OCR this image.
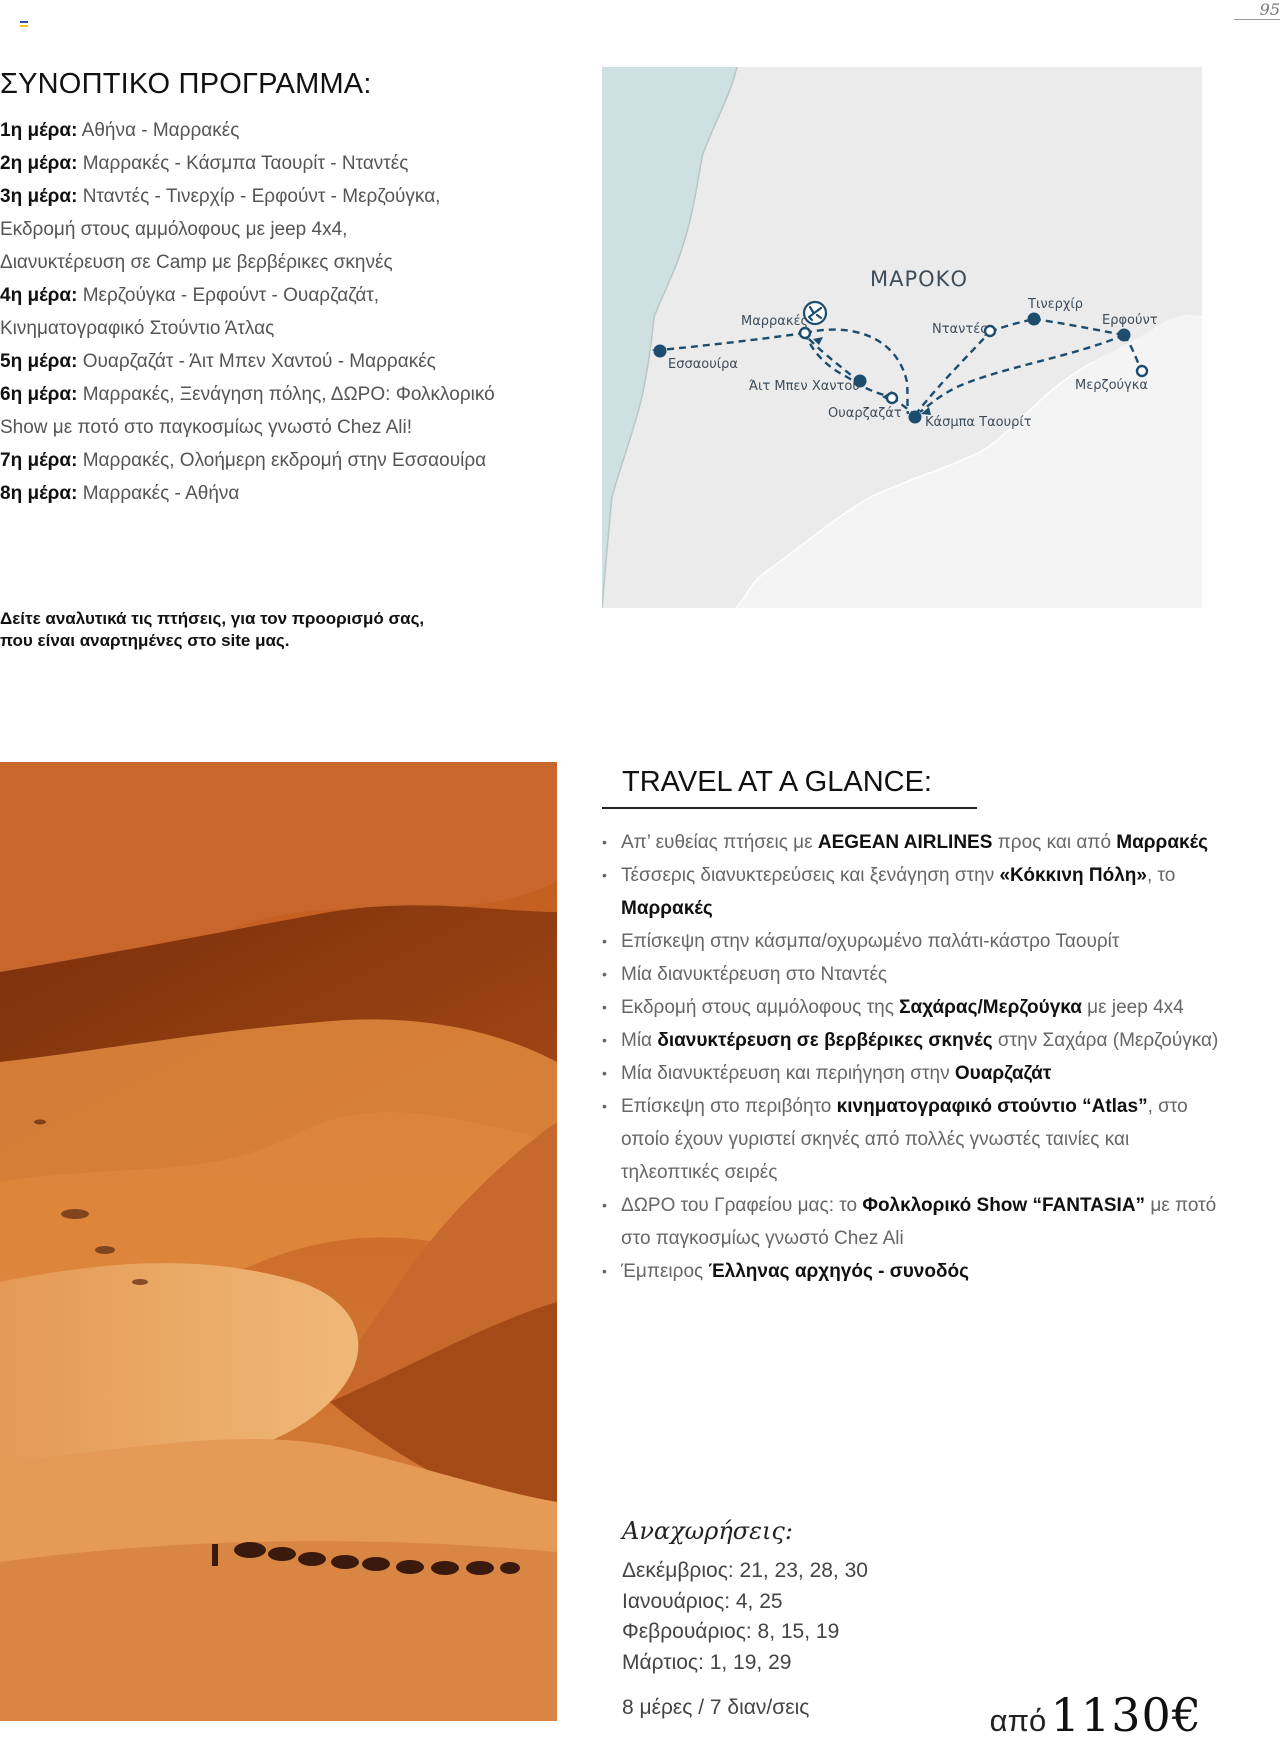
95
ΣΥΝΟΠΤΙΚΟ ΠΡΟΓΡΑΜΜΑ:
1η μέρα: Αθήνα - Μαρρακές
2η μέρα: Μαρρακές - Κάσμπα Ταουρίτ - Νταντές
3η μέρα: Νταντές - Τινερχίρ - Ερφούντ - Μερζούγκα,
Εκδρομή στους αμμόλοφους με jeep 4x4,
Διανυκτέρευση σε Camp με βερβέρικες σκηνές
4η μέρα: Μερζούγκα - Ερφούντ - Ουαρζαζάτ,
Κινηματογραφικό Στούντιο Άτλας
5η μέρα: Ουαρζαζάτ - Άιτ Μπεν Χαντού - Μαρρακές
6η μέρα: Μαρρακές, Ξενάγηση πόλης, ΔΩΡΟ: Φολκλορικό
Show με ποτό στο παγκοσμίως γνωστό Chez Ali!
7η μέρα: Μαρρακές, Ολοήμερη εκδρομή στην Εσσαουίρα
8η μέρα: Μαρρακές - Αθήνα
Δείτε αναλυτικά τις πτήσεις, για τον προορισμό σας,
που είναι αναρτημένες στο site μας.
ΜΑΡΟΚΟ
Εσσαουίρα
Μαρρακές
Άιτ Μπεν Χαντού
Ουαρζαζάτ
Κάσμπα Ταουρίτ
Νταντές
Τινερχίρ
Ερφούντ
Μερζούγκα
TRAVEL AT A GLANCE:
• Απ’ ευθείας πτήσεις με AEGEAN AIRLINES προς και από Μαρρακές
• Τέσσερις διανυκτερεύσεις και ξενάγηση στην «Κόκκινη Πόλη», το Μαρρακές
• Επίσκεψη στην κάσμπα/οχυρωμένο παλάτι-κάστρο Ταουρίτ
• Μία διανυκτέρευση στο Νταντές
• Εκδρομή στους αμμόλοφους της Σαχάρας/Μερζούγκα με jeep 4x4
• Μία διανυκτέρευση σε βερβέρικες σκηνές στην Σαχάρα (Μερζούγκα)
• Μία διανυκτέρευση και περιήγηση στην Ουαρζαζάτ
• Επίσκεψη στο περιβόητο κινηματογραφικό στούντιο “Atlas”, στο οποίο έχουν γυριστεί σκηνές από πολλές γνωστές ταινίες και τηλεοπτικές σειρές
• ΔΩΡΟ του Γραφείου μας: το Φολκλορικό Show “FANTASIA” με ποτό στο παγκοσμίως γνωστό Chez Ali
• Έμπειρος Έλληνας αρχηγός - συνοδός
Αναχωρήσεις:
Δεκέμβριος: 21, 23, 28, 30
Ιανουάριος: 4, 25
Φεβρουάριος: 8, 15, 19
Μάρτιος: 1, 19, 29
8 μέρες / 7 διαν/σεις	από 1130€
